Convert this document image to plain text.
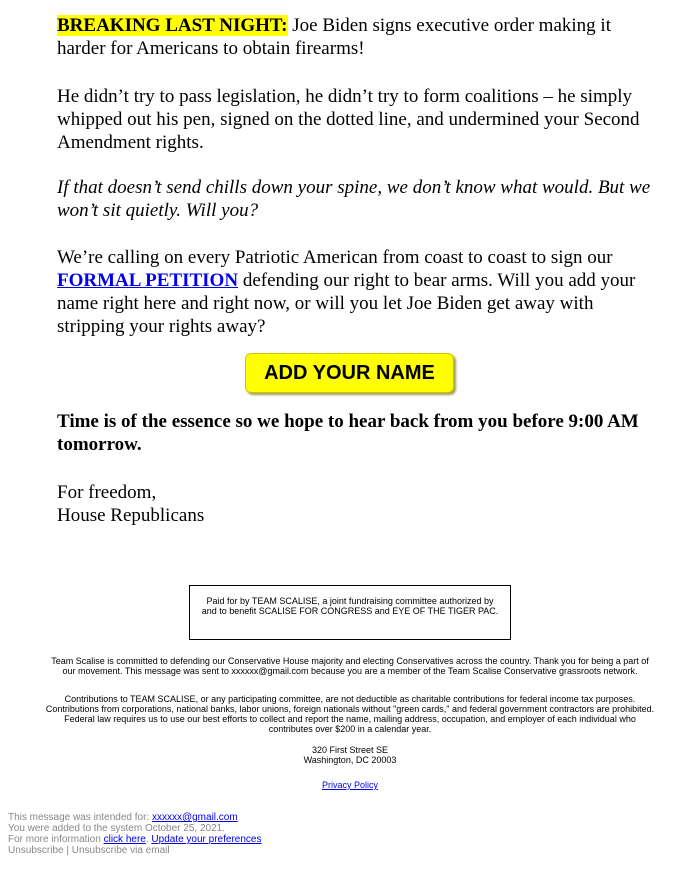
BREAKING LAST NIGHT: Joe Biden signs executive order making it harder for Americans to obtain firearms!

He didn’t try to pass legislation, he didn’t try to form coalitions – he simply whipped out his pen, signed on the dotted line, and undermined your Second Amendment rights.

If that doesn’t send chills down your spine, we don’t know what would. But we won’t sit quietly. Will you?

We’re calling on every Patriotic American from coast to coast to sign our FORMAL PETITION defending our right to bear arms. Will you add your name right here and right now, or will you let Joe Biden get away with stripping your rights away?

ADD YOUR NAME
Time is of the essence so we hope to hear back from you before 9:00 AM tomorrow.
For freedom,
House Republicans
Paid for by TEAM SCALISE, a joint fundraising committee authorized by and to benefit SCALISE FOR CONGRESS and EYE OF THE TIGER PAC.
Team Scalise is committed to defending our Conservative House majority and electing Conservatives across the country. Thank you for being a part of our movement. This message was sent to xxxxxx@gmail.com because you are a member of the Team Scalise Conservative grassroots network.
Contributions to TEAM SCALISE, or any participating committee, are not deductible as charitable contributions for federal income tax purposes. Contributions from corporations, national banks, labor unions, foreign nationals without "green cards," and federal government contractors are prohibited. Federal law requires us to use our best efforts to collect and report the name, mailing address, occupation, and employer of each individual who contributes over $200 in a calendar year.
320 First Street SE
Washington, DC 20003
Privacy Policy
This message was intended for: xxxxxx@gmail.com
You were added to the system October 25, 2021.
For more information click here. Update your preferences
Unsubscribe | Unsubscribe via email
